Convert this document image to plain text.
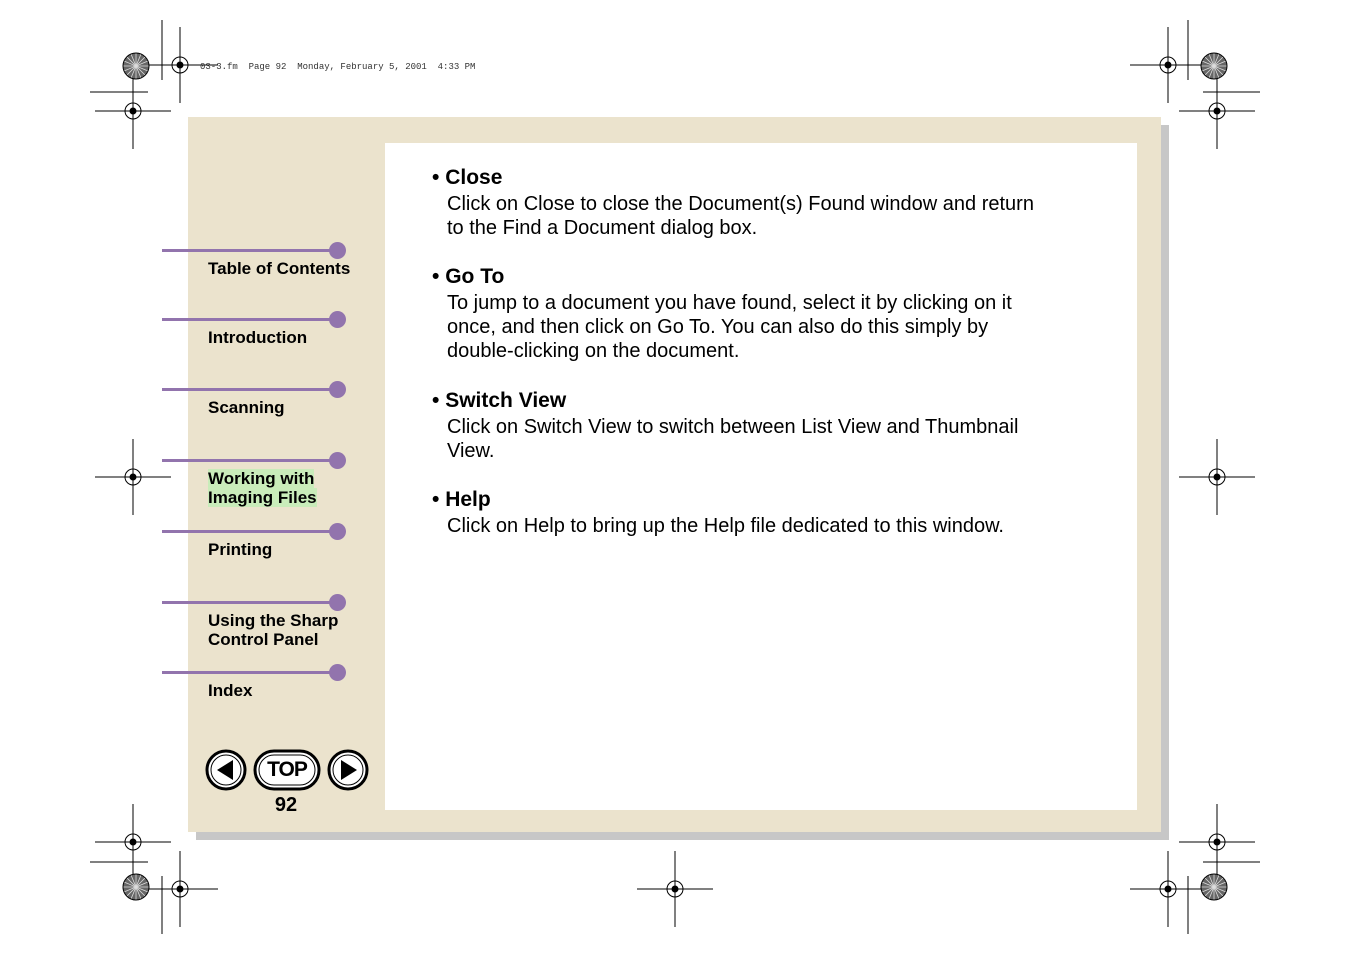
03-3.fm  Page 92  Monday, February 5, 2001  4:33 PM
Table of Contents
Introduction
Scanning
Working with
Imaging Files
Printing
Using the Sharp
Control Panel
Index
TOP
92
• Close
Click on Close to close the Document(s) Found window and return
to the Find a Document dialog box.
• Go To
To jump to a document you have found, select it by clicking on it
once, and then click on Go To. You can also do this simply by
double-clicking on the document.
• Switch View
Click on Switch View to switch between List View and Thumbnail
View.
• Help
Click on Help to bring up the Help file dedicated to this window.
